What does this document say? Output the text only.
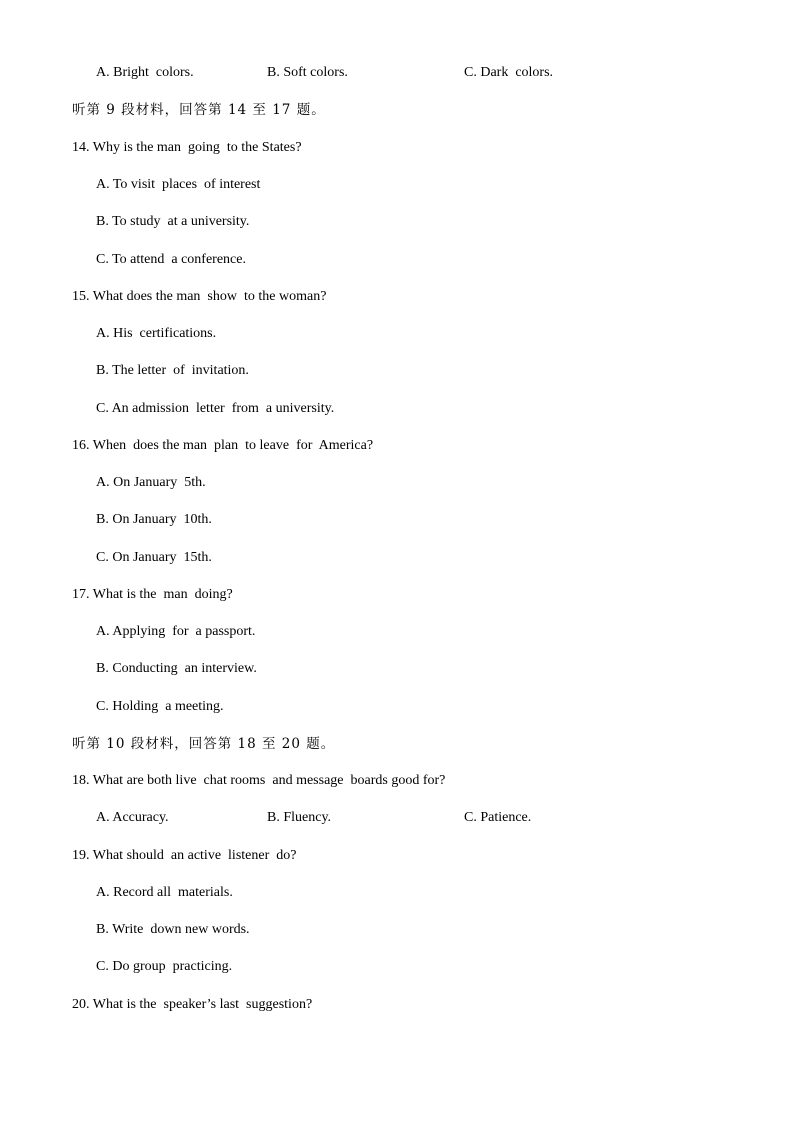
A. Bright  colors.	B. Soft colors.	C. Dark  colors.
听第 9 段材料，回答第 14 至 17 题。
14. Why is the man  going  to the States?
A. To visit  places  of interest
B. To study  at a university.
C. To attend  a conference.
15. What does the man  show  to the woman?
A. His  certifications.
B. The letter  of  invitation.
C. An admission  letter  from  a university.
16. When  does the man  plan  to leave  for  America?
A. On January  5th.
B. On January  10th.
C. On January  15th.
17. What is the  man  doing?
A. Applying  for  a passport.
B. Conducting  an interview.
C. Holding  a meeting.
听第 10 段材料，回答第 18 至 20 题。
18. What are both live  chat rooms  and message  boards good for?
A. Accuracy.	B. Fluency.	C. Patience.
19. What should  an active  listener  do?
A. Record all  materials.
B. Write  down new words.
C. Do group  practicing.
20. What is the  speaker’s last  suggestion?
